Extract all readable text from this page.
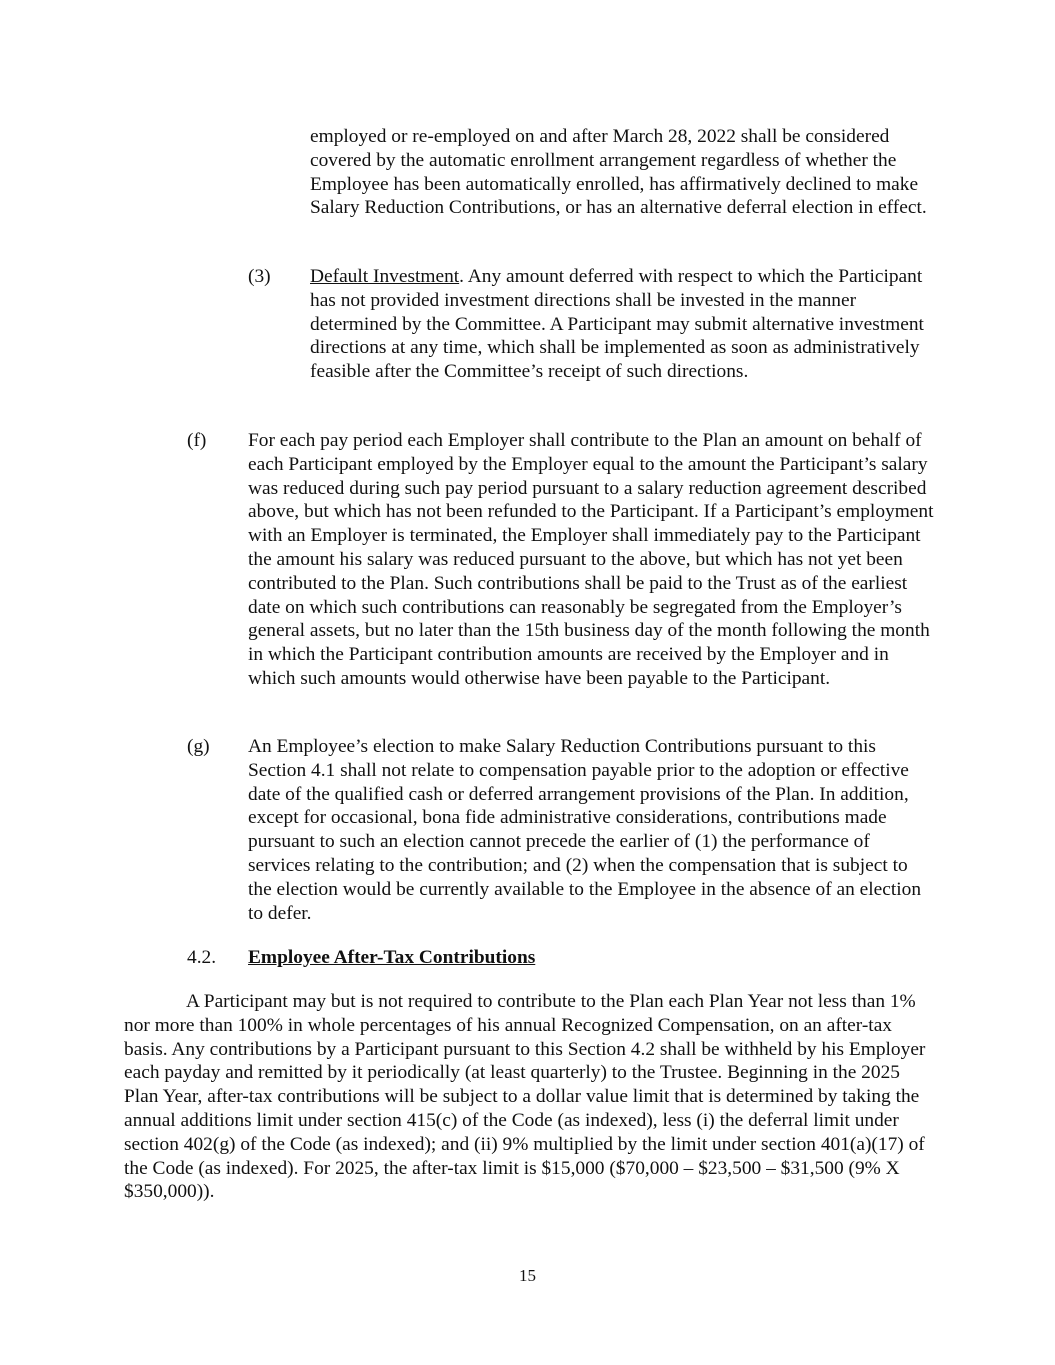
employed or re-employed on and after March 28, 2022 shall be considered covered by the automatic enrollment arrangement regardless of whether the Employee has been automatically enrolled, has affirmatively declined to make Salary Reduction Contributions, or has an alternative deferral election in effect.

(3) Default Investment. Any amount deferred with respect to which the Participant has not provided investment directions shall be invested in the manner determined by the Committee. A Participant may submit alternative investment directions at any time, which shall be implemented as soon as administratively feasible after the Committee’s receipt of such directions.

(f) For each pay period each Employer shall contribute to the Plan an amount on behalf of each Participant employed by the Employer equal to the amount the Participant’s salary was reduced during such pay period pursuant to a salary reduction agreement described above, but which has not been refunded to the Participant. If a Participant’s employment with an Employer is terminated, the Employer shall immediately pay to the Participant the amount his salary was reduced pursuant to the above, but which has not yet been contributed to the Plan. Such contributions shall be paid to the Trust as of the earliest date on which such contributions can reasonably be segregated from the Employer’s general assets, but no later than the 15th business day of the month following the month in which the Participant contribution amounts are received by the Employer and in which such amounts would otherwise have been payable to the Participant.

(g) An Employee’s election to make Salary Reduction Contributions pursuant to this Section 4.1 shall not relate to compensation payable prior to the adoption or effective date of the qualified cash or deferred arrangement provisions of the Plan. In addition, except for occasional, bona fide administrative considerations, contributions made pursuant to such an election cannot precede the earlier of (1) the performance of services relating to the contribution; and (2) when the compensation that is subject to the election would be currently available to the Employee in the absence of an election to defer.

4.2. Employee After-Tax Contributions

A Participant may but is not required to contribute to the Plan each Plan Year not less than 1% nor more than 100% in whole percentages of his annual Recognized Compensation, on an after-tax basis. Any contributions by a Participant pursuant to this Section 4.2 shall be withheld by his Employer each payday and remitted by it periodically (at least quarterly) to the Trustee. Beginning in the 2025 Plan Year, after-tax contributions will be subject to a dollar value limit that is determined by taking the annual additions limit under section 415(c) of the Code (as indexed), less (i) the deferral limit under section 402(g) of the Code (as indexed); and (ii) 9% multiplied by the limit under section 401(a)(17) of the Code (as indexed). For 2025, the after-tax limit is $15,000 ($70,000 – $23,500 – $31,500 (9% X $350,000)).

15
